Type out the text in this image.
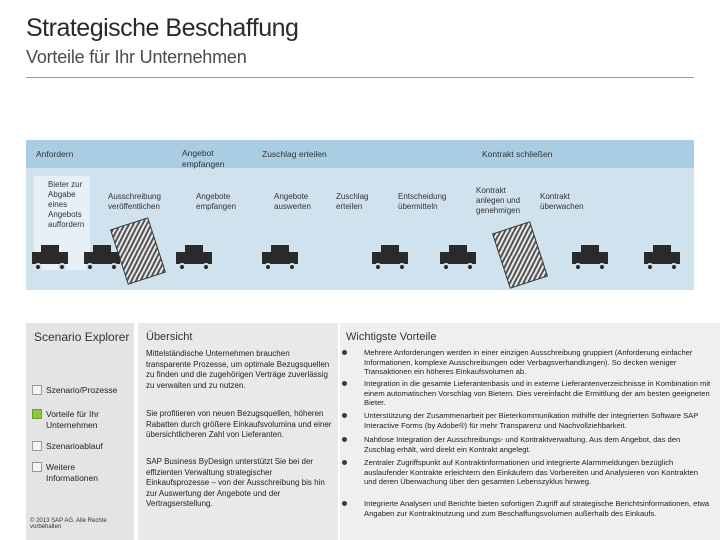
Strategische Beschaffung
Vorteile für Ihr Unternehmen
Anfordern	Angebot empfangen
Zuschlag erteilen	Kontrakt schließen
Bieter zur Abgabe eines Angebots auffordern
Ausschreibung veröffentlichen
Angebote empfangen
Angebote auswerten
Zuschlag erteilen
Entscheidung übermitteln
Kontrakt anlegen und genehmigen
Kontrakt überwachen
Scenario Explorer
Szenario/Prozesse
Vorteile für Ihr Unternehmen
Szenarioablauf
Weitere Informationen
© 2013 SAP AG. Alle Rechte vorbehalten
Übersicht
Mittelständische Unternehmen brauchen transparente Prozesse, um optimale Bezugsquellen zu finden und die zugehörigen Verträge zuverlässig zu verwalten und zu nutzen.
Sie profitieren von neuen Bezugsquellen, höheren Rabatten durch größere Einkaufsvolumina und einer übersichtlicheren Zahl von Lieferanten.
SAP Business ByDesign unterstützt Sie bei der effizienten Verwaltung strategischer Einkaufsprozesse – von der Ausschreibung bis hin zur Auswertung der Angebote und der Vertragserstellung.
Wichtigste Vorteile
Mehrere Anforderungen werden in einer einzigen Ausschreibung gruppiert (Anforderung einfacher Informationen, komplexe Ausschreibungen oder Verbagsverhandlungen). So decken weniger Transaktionen ein höheres Einkaufsvolumen ab.
Integration in die gesamte Lieferantenbasis und in externe Lieferantenverzeichnisse in Kombination mit einem automatischen Vorschlag von Bietern. Dies vereinfacht die Ermittlung der am besten geeigneten Bieter.
Unterstützung der Zusammenarbeit per Bieterkommunikation mithilfe der integrierten Software SAP Interactive Forms (by Adobe®) für mehr Transparenz und Nachvollziehbarkeit.
Nahtlose Integration der Ausschreibungs- und Kontraktverwaltung. Aus dem Angebot, das den Zuschlag erhält, wird direkt ein Kontrakt angelegt.
Zentraler Zugriffspunkt auf Kontraktinformationen und integrierte Alarmmeldungen bezüglich auslaufender Kontrakte erleichtern den Einkäufern das Vorbereiten und Analysieren von Kontrakten und deren Überwachung über den gesamten Lebenszyklus hinweg.
Integrierte Analysen und Berichte bieten sofortigen Zugriff auf strategische Berichtsinformationen, etwa Angaben zur Kontraktnutzung und zum Beschaffungsvolumen außerhalb des Einkaufs.
